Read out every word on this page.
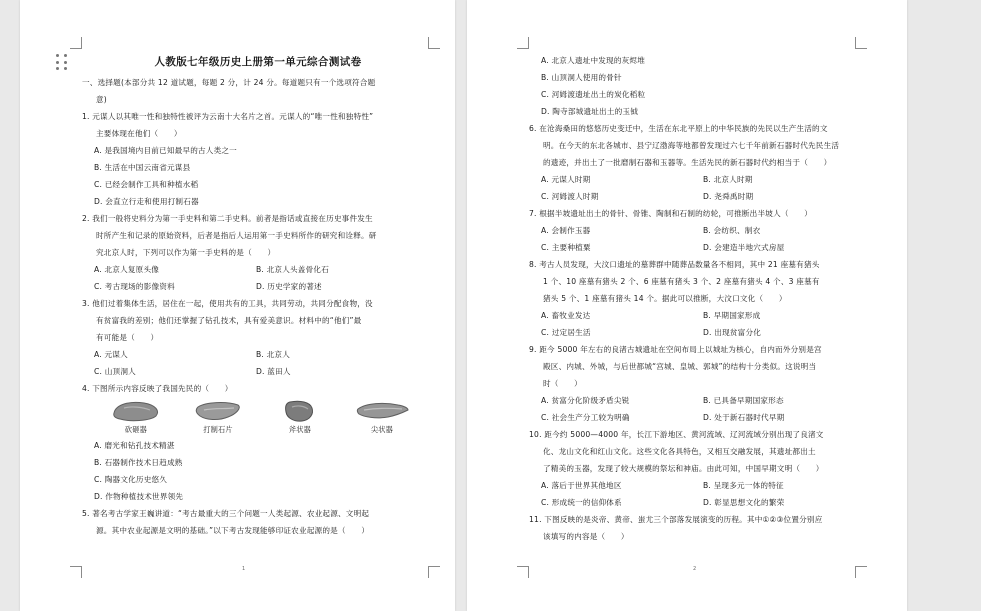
人教版七年级历史上册第一单元综合测试卷
一、选择题(本部分共 12 道试题，每题 2 分，计 24 分。每道题只有一个选项符合题
意)
1. 元谋人以其唯一性和独特性被评为云南十大名片之首。元谋人的“唯一性和独特性”
主要体现在他们（　　）
A. 是我国境内目前已知最早的古人类之一
B. 生活在中国云南省元谋县
C. 已经会制作工具和种植水稻
D. 会直立行走和使用打制石器
2. 我们一般将史料分为第一手史料和第二手史料。前者是指话或直接在历史事件发生
时所产生和记录的原始资料，后者是指后人运用第一手史料所作的研究和诠释。研
究北京人时，下列可以作为第一手史料的是（　　）
A. 北京人复原头像	B. 北京人头盖骨化石
C. 考古现场的影像资料	D. 历史学家的著述
3. 他们过着集体生活，居住在一起，使用共有的工具，共同劳动，共同分配食物，没
有贫富我的差别；他们还掌握了钻孔技术，具有爱美意识。材料中的“他们”最
有可能是（　　）
A. 元谋人	B. 北京人
C. 山顶洞人	D. 蓝田人
4. 下图所示内容反映了我国先民的（　　）
砍砸器	打制石片	斧状器	尖状器
A. 磨光和钻孔技术精湛
B. 石器制作技术日趋成熟
C. 陶器文化历史悠久
D. 作物种植技术世界领先
5. 著名考古学家王巍讲道：“考古最重大的三个问题一人类起源、农业起源、文明起
源。其中农业起源是文明的基础。”以下考古发现能够印证农业起源的是（　　）
1
A. 北京人遗址中发现的灰烬堆
B. 山顶洞人使用的骨针
C. 河姆渡遗址出土的炭化稻粒
D. 陶寺部城遗址出土的玉钺
6. 在沧海桑田的悠悠历史变迁中，生活在东北平原上的中华民族的先民以生产生活的文
明。在今天的东北各城市、县宁辽渤海等地都曾发现过六七千年前新石器时代先民生活
的遗迹，并出土了一批磨制石器和玉器等。生活先民的新石器时代约相当于（　　）
A. 元谋人时期	B. 北京人时期
C. 河姆渡人时期	D. 尧舜禹时期
7. 根据半坡遗址出土的骨针、骨锥、陶制和石制的纺轮，可推断出半坡人（　　）
A. 会制作玉器	B. 会纺织、制衣
C. 主要种植粟	D. 会建造半地穴式房屋
8. 考古人员发现，大汶口遗址的墓葬群中随葬品数量各不相同，其中 21 座墓有猪头
1 个、10 座墓有猪头 2 个、6 座墓有猪头 3 个、2 座墓有猪头 4 个、3 座墓有
猪头 5 个、1 座墓有猪头 14 个。据此可以推断，大汶口文化（　　）
A. 畜牧业发达	B. 早期国家形成
C. 过定居生活	D. 出现贫富分化
9. 距今 5000 年左右的良渚古城遗址在空间布局上以城址为核心，自内而外分别是宫
殿区、内城、外城，与后世都城“宫城、皇城、郭城”的结构十分类似。这说明当
时（　　）
A. 贫富分化阶级矛盾尖锐	B. 已具备早期国家形态
C. 社会生产分工较为明确	D. 处于新石器时代早期
10. 距今约 5000—4000 年，长江下游地区、黄河流域、辽河流域分别出现了良渚文
化、龙山文化和红山文化。这些文化各具特色，又相互交融发展，其遗址都出土
了精美的玉器，发现了较大规模的祭坛和神庙。由此可知，中国早期文明（　　）
A. 落后于世界其他地区	B. 呈现多元一体的特征
C. 形成统一的信仰体系	D. 彰显思想文化的繁荣
11. 下图反映的是炎帝、黄帝、蚩尤三个部落发展演变的历程。其中①②③位置分别应
该填写的内容是（　　）
2
